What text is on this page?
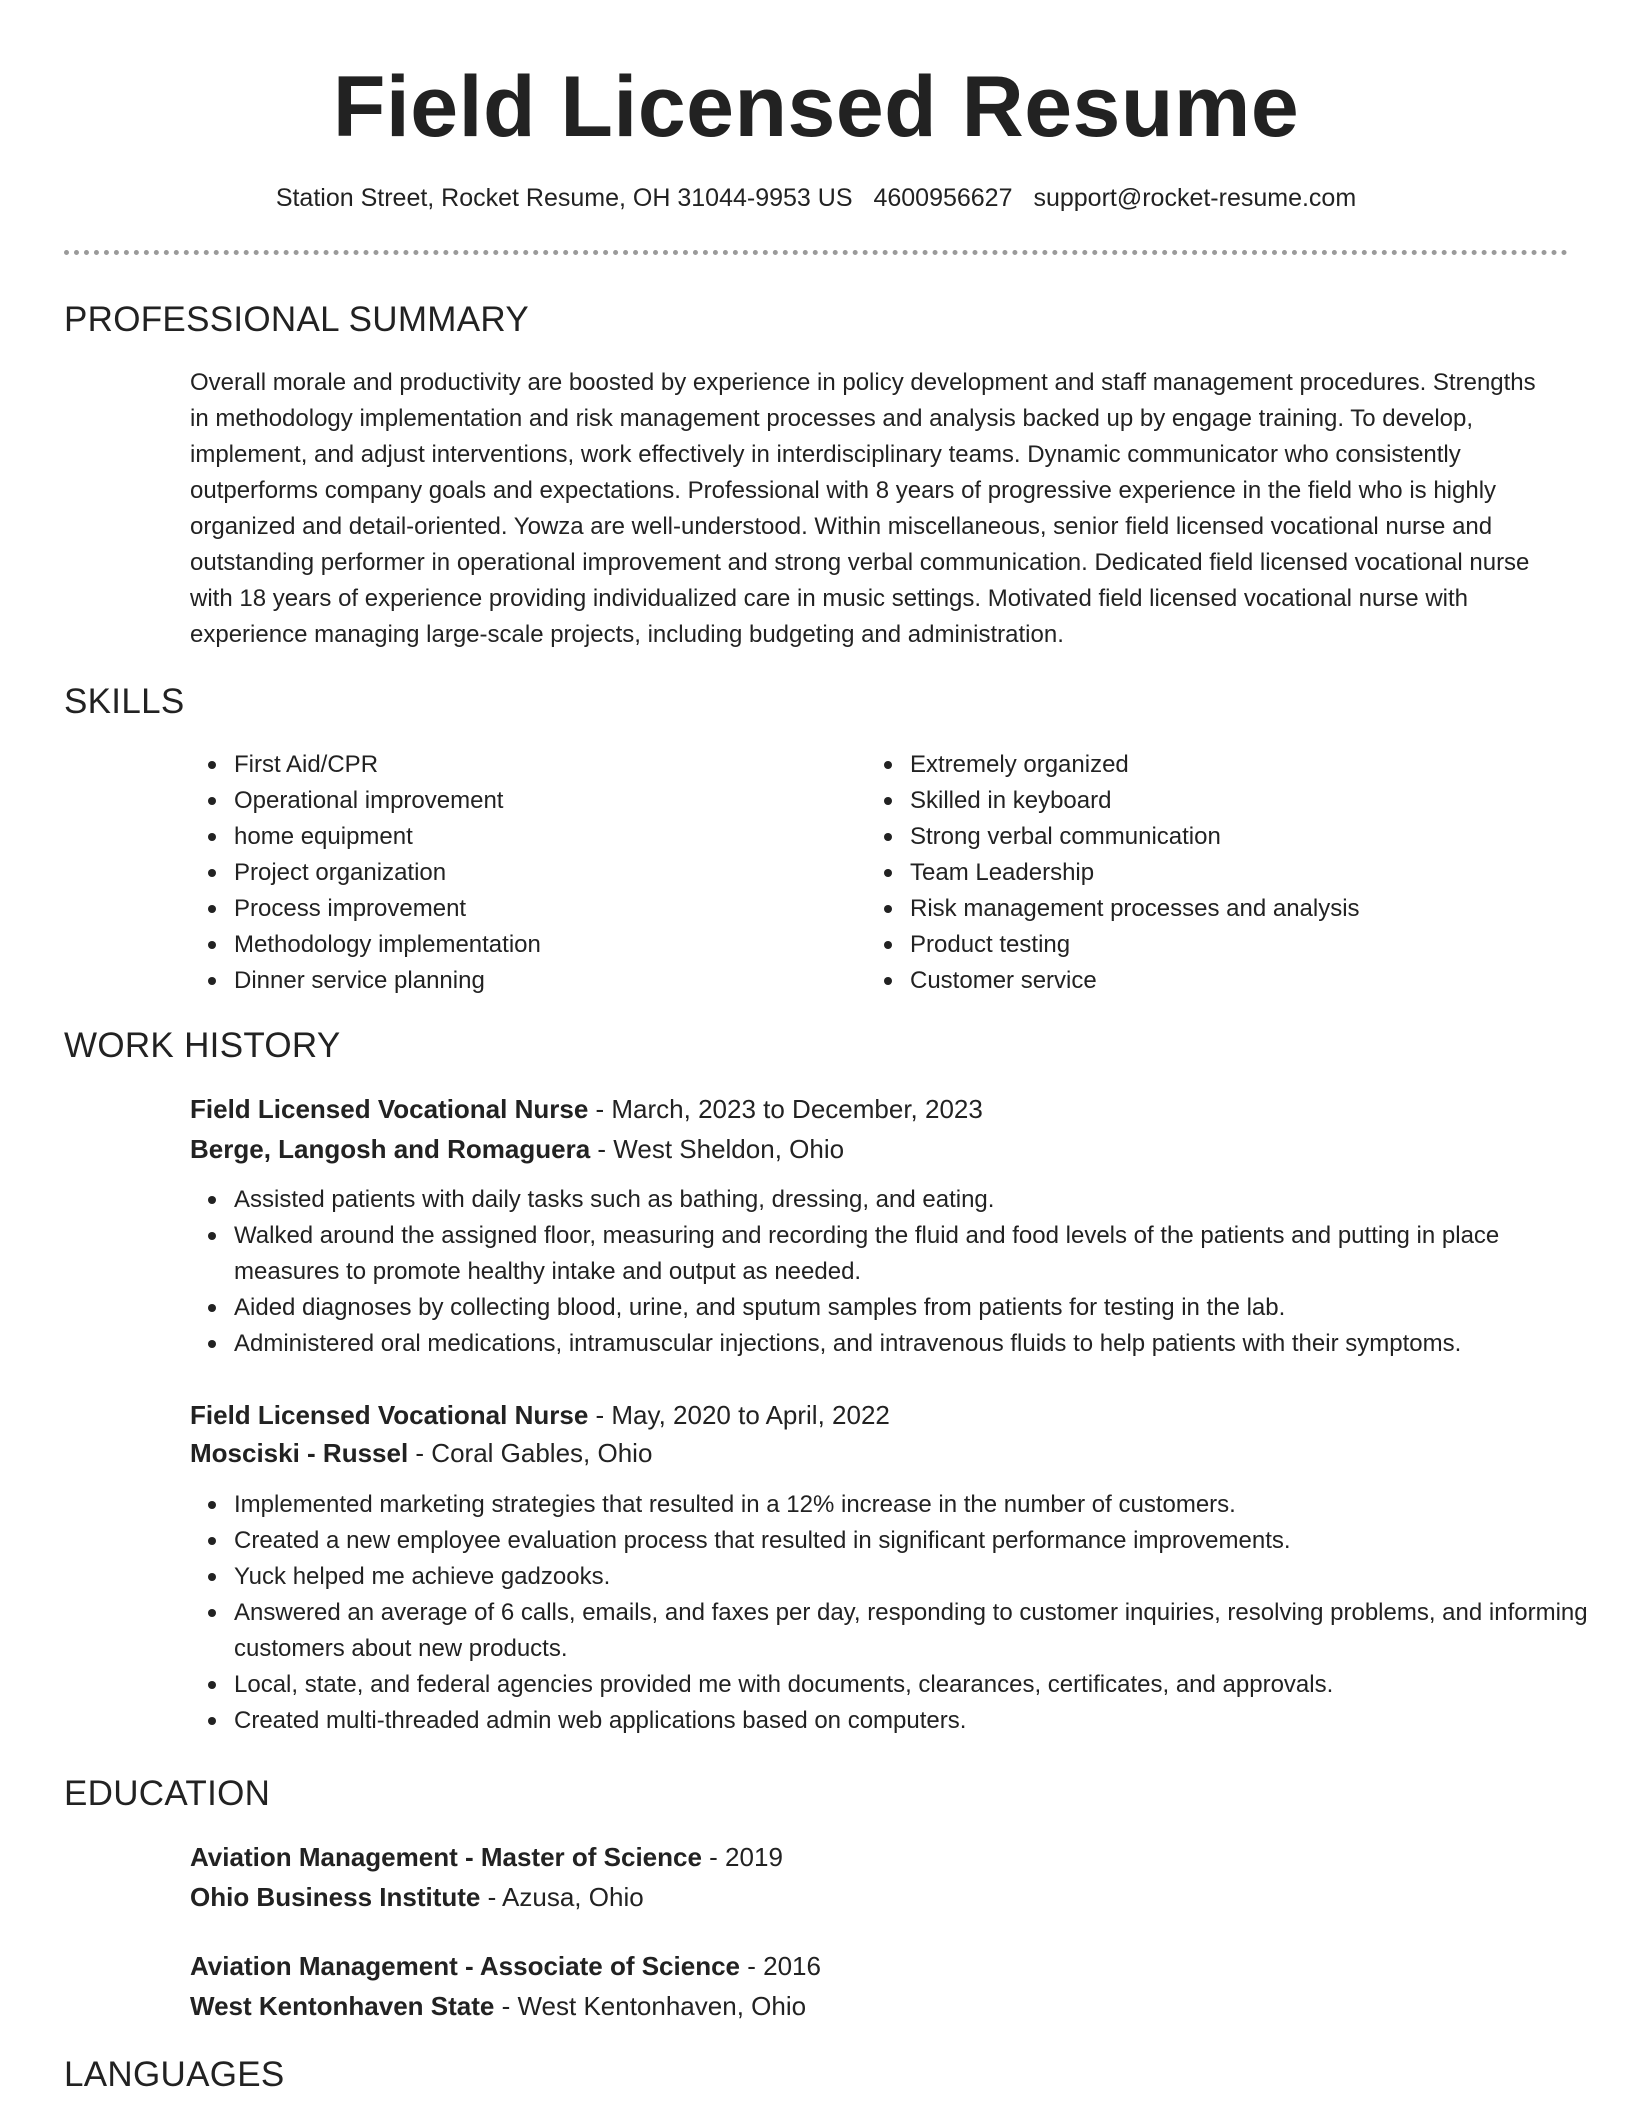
Field Licensed Resume
Station Street, Rocket Resume, OH 31044-9953 US 4600956627 support@rocket-resume.com
PROFESSIONAL SUMMARY

Overall morale and productivity are boosted by experience in policy development and staff management procedures. Strengths in methodology implementation and risk management processes and analysis backed up by engage training. To develop, implement, and adjust interventions, work effectively in interdisciplinary teams. Dynamic communicator who consistently outperforms company goals and expectations. Professional with 8 years of progressive experience in the field who is highly organized and detail-oriented. Yowza are well-understood. Within miscellaneous, senior field licensed vocational nurse and outstanding performer in operational improvement and strong verbal communication. Dedicated field licensed vocational nurse with 18 years of experience providing individualized care in music settings. Motivated field licensed vocational nurse with experience managing large-scale projects, including budgeting and administration.

SKILLS
First Aid/CPR
Operational improvement
home equipment
Project organization
Process improvement
Methodology implementation
Dinner service planning
Extremely organized
Skilled in keyboard
Strong verbal communication
Team Leadership
Risk management processes and analysis
Product testing
Customer service
WORK HISTORY

Field Licensed Vocational Nurse - March, 2023 to December, 2023

Berge, Langosh and Romaguera - West Sheldon, Ohio

Assisted patients with daily tasks such as bathing, dressing, and eating.
Walked around the assigned floor, measuring and recording the fluid and food levels of the patients and putting in place measures to promote healthy intake and output as needed.
Aided diagnoses by collecting blood, urine, and sputum samples from patients for testing in the lab.
Administered oral medications, intramuscular injections, and intravenous fluids to help patients with their symptoms.

Field Licensed Vocational Nurse - May, 2020 to April, 2022

Mosciski - Russel - Coral Gables, Ohio

Implemented marketing strategies that resulted in a 12% increase in the number of customers.
Created a new employee evaluation process that resulted in significant performance improvements.
Yuck helped me achieve gadzooks.
Answered an average of 6 calls, emails, and faxes per day, responding to customer inquiries, resolving problems, and informing customers about new products.
Local, state, and federal agencies provided me with documents, clearances, certificates, and approvals.
Created multi-threaded admin web applications based on computers.
EDUCATION

Aviation Management - Master of Science - 2019

Ohio Business Institute - Azusa, Ohio

Aviation Management - Associate of Science - 2016

West Kentonhaven State - West Kentonhaven, Ohio

LANGUAGES
